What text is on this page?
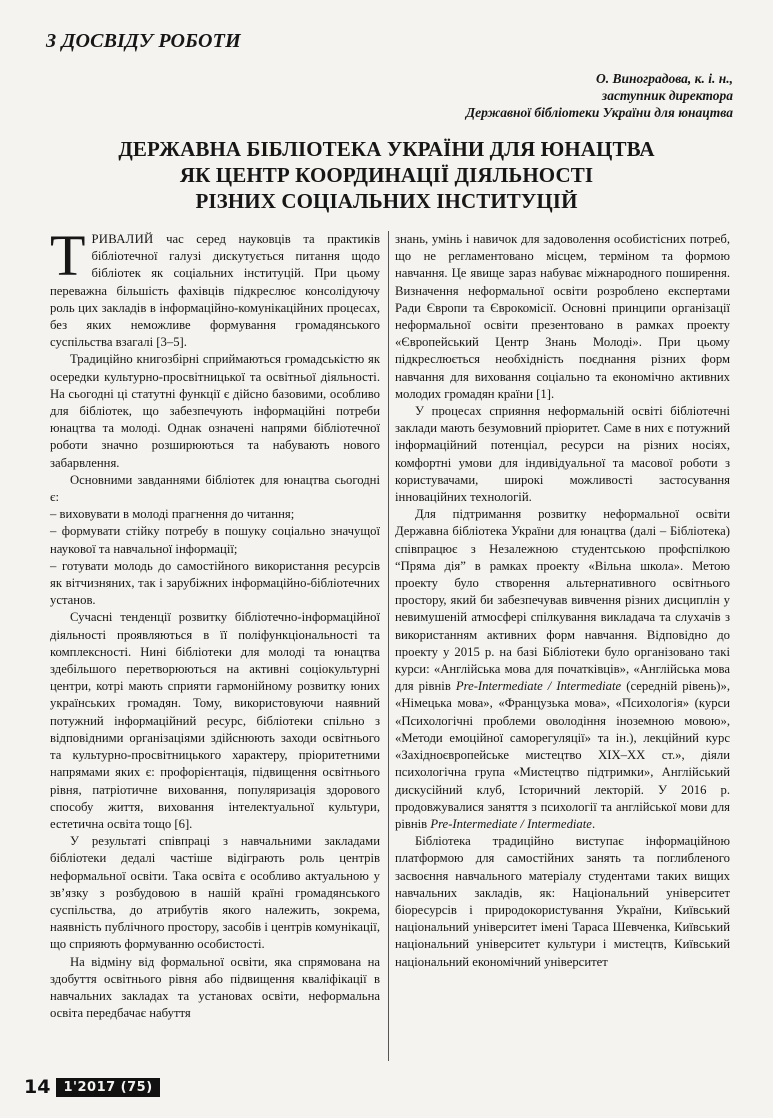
З ДОСВІДУ РОБОТИ
О. Виноградова, к. і. н.,
заступник директора
Державної бібліотеки України для юнацтва
ДЕРЖАВНА БІБЛІОТЕКА УКРАЇНИ ДЛЯ ЮНАЦТВА
ЯК ЦЕНТР КООРДИНАЦІЇ ДІЯЛЬНОСТІ
РІЗНИХ СОЦІАЛЬНИХ ІНСТИТУЦІЙ

ТРИВАЛИЙ час серед науковців та практиків бібліотечної галузі дискутується питання щодо бібліотек як соціальних інституцій. При цьому переважна більшість фахівців підкреслює консолідуючу роль цих закладів в інформаційно-комунікаційних процесах, без яких неможливе формування громадянського суспільства взагалі [3–5].

Традиційно книгозбірні сприймаються громадськістю як осередки культурно-просвітницької та освітньої діяльності. На сьогодні ці статутні функції є дійсно базовими, особливо для бібліотек, що забезпечують інформаційні потреби юнацтва та молоді. Однак означені напрями бібліотечної роботи значно розширюються та набувають нового забарвлення.

Основними завданнями бібліотек для юнацтва сьогодні є:

– виховувати в молоді прагнення до читання;

– формувати стійку потребу в пошуку соціально значущої наукової та навчальної інформації;

– готувати молодь до самостійного використання ресурсів як вітчизняних, так і зарубіжних інформаційно-бібліотечних установ.

Сучасні тенденції розвитку бібліотечно-інформаційної діяльності проявляються в її поліфункціональності та комплексності. Нині бібліотеки для молоді та юнацтва здебільшого перетворюються на активні соціокультурні центри, котрі мають сприяти гармонійному розвитку юних українських громадян. Тому, використовуючи наявний потужний інформаційний ресурс, бібліотеки спільно з відповідними організаціями здійснюють заходи освітнього та культурно-просвітницького характеру, пріоритетними напрямами яких є: профорієнтація, підвищення освітнього рівня, патріотичне виховання, популяризація здорового способу життя, виховання інтелектуальної культури, естетична освіта тощо [6].

У результаті співпраці з навчальними закладами бібліотеки дедалі частіше відіграють роль центрів неформальної освіти. Така освіта є особливо актуальною у зв’язку з розбудовою в нашій країні громадянського суспільства, до атрибутів якого належить, зокрема, наявність публічного простору, засобів і центрів комунікації, що сприяють формуванню особистості.

На відміну від формальної освіти, яка спрямована на здобуття освітнього рівня або підвищення кваліфікації в навчальних закладах та установах освіти, неформальна освіта передбачає набуття

знань, умінь і навичок для задоволення особистісних потреб, що не регламентовано місцем, терміном та формою навчання. Це явище зараз набуває міжнародного поширення. Визначення неформальної освіти розроблено експертами Ради Європи та Єврокомісії. Основні принципи організації неформальної освіти презентовано в рамках проекту «Європейський Центр Знань Молоді». При цьому підкреслюється необхідність поєднання різних форм навчання для виховання соціально та економічно активних молодих громадян країни [1].

У процесах сприяння неформальній освіті бібліотечні заклади мають безумовний пріоритет. Саме в них є потужний інформаційний потенціал, ресурси на різних носіях, комфортні умови для індивідуальної та масової роботи з користувачами, широкі можливості застосування інноваційних технологій.

Для підтримання розвитку неформальної освіти Державна бібліотека України для юнацтва (далі – Бібліотека) співпрацює з Незалежною студентською профспілкою “Пряма дія” в рамках проекту «Вільна школа». Метою проекту було створення альтернативного освітнього простору, який би забезпечував вивчення різних дисциплін у невимушеній атмосфері спілкування викладача та слухачів з використанням активних форм навчання. Відповідно до проекту у 2015 р. на базі Бібліотеки було організовано такі курси: «Англійська мова для початківців», «Англійська мова для рівнів Pre-Intermediate / Intermediate (середній рівень)», «Німецька мова», «Французька мова», «Психологія» (курси «Психологічні проблеми оволодіння іноземною мовою», «Методи емоційної саморегуляції» та ін.), лекційний курс «Західноєвропейське мистецтво XIX–XX ст.», діяли психологічна група «Мистецтво підтримки», Англійський дискусійний клуб, Історичний лекторій. У 2016 р. продовжувалися заняття з психології та англійської мови для рівнів Pre-Intermediate / Intermediate.

Бібліотека традиційно виступає інформаційною платформою для самостійних занять та поглибленого засвоєння навчального матеріалу студентами таких вищих навчальних закладів, як: Національний університет біоресурсів і природокористування України, Київський національний університет імені Тараса Шевченка, Київський національний університет культури і мистецтв, Київський національний економічний університет

14	1'2017 (75)
